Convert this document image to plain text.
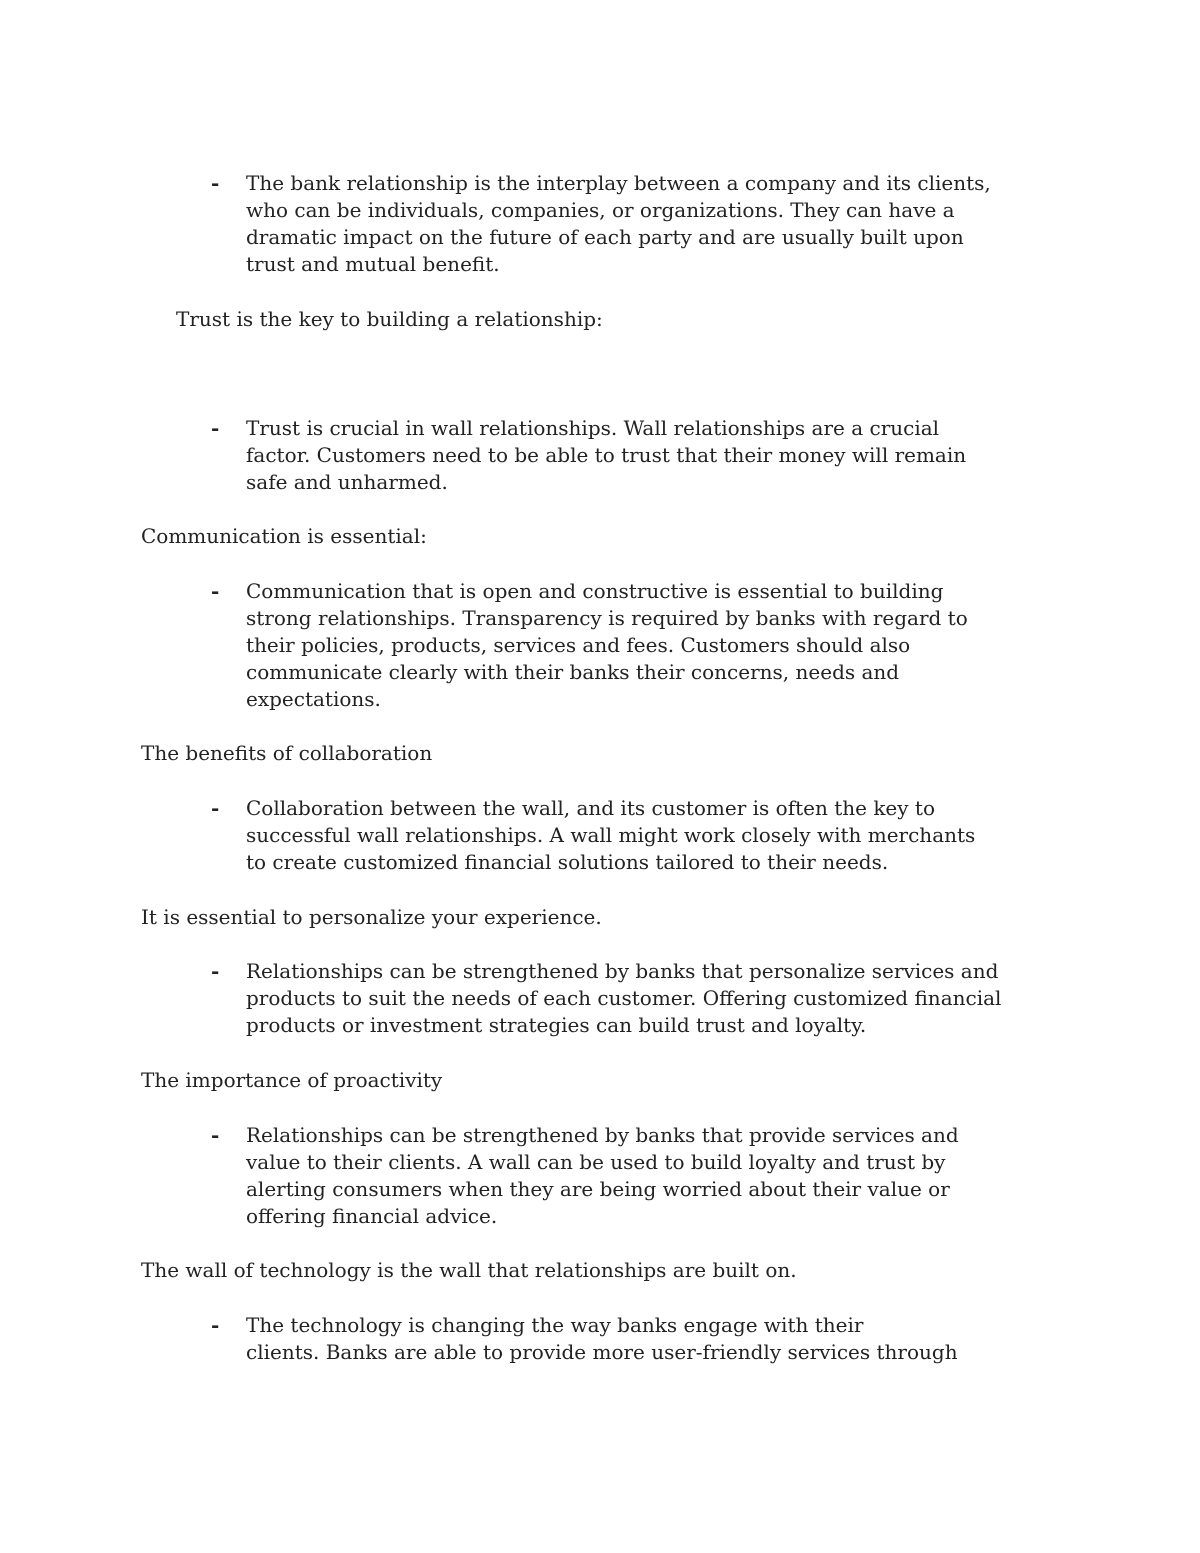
- The bank relationship is the interplay between a company and its clients,
who can be individuals, companies, or organizations. They can have a
dramatic impact on the future of each party and are usually built upon
trust and mutual benefit.
Trust is the key to building a relationship:
- Trust is crucial in wall relationships. Wall relationships are a crucial
factor. Customers need to be able to trust that their money will remain
safe and unharmed.
Communication is essential:
- Communication that is open and constructive is essential to building
strong relationships. Transparency is required by banks with regard to
their policies, products, services and fees. Customers should also
communicate clearly with their banks their concerns, needs and
expectations.
The benefits of collaboration
- Collaboration between the wall, and its customer is often the key to
successful wall relationships. A wall might work closely with merchants
to create customized financial solutions tailored to their needs.
It is essential to personalize your experience.
- Relationships can be strengthened by banks that personalize services and
products to suit the needs of each customer. Offering customized financial
products or investment strategies can build trust and loyalty.
The importance of proactivity
- Relationships can be strengthened by banks that provide services and
value to their clients. A wall can be used to build loyalty and trust by
alerting consumers when they are being worried about their value or
offering financial advice.
The wall of technology is the wall that relationships are built on.
- The technology is changing the way banks engage with their
clients. Banks are able to provide more user-friendly services through
